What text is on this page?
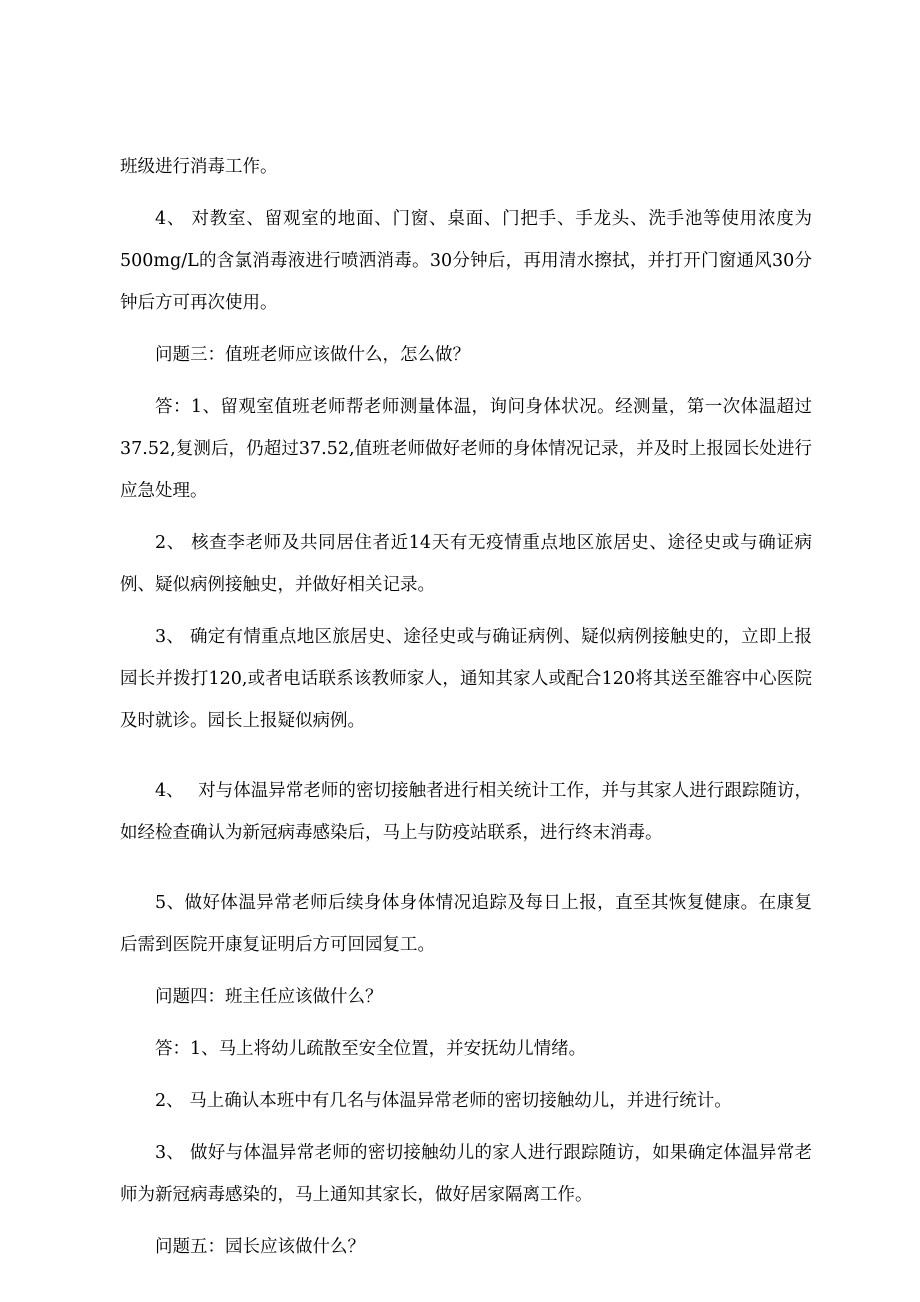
班级进行消毒工作。

4、 对教室、留观室的地面、门窗、桌面、门把手、手龙头、洗手池等使用浓度为500mg/L的含氯消毒液进行喷洒消毒。30分钟后，再用清水擦拭，并打开门窗通风30分钟后方可再次使用。

问题三：值班老师应该做什么，怎么做？

答：1、留观室值班老师帮老师测量体温，询问身体状况。经测量，第一次体温超过37.52,复测后，仍超过37.52,值班老师做好老师的身体情况记录，并及时上报园长处进行应急处理。

2、 核查李老师及共同居住者近14天有无疫情重点地区旅居史、途径史或与确证病例、疑似病例接触史，并做好相关记录。

3、 确定有情重点地区旅居史、途径史或与确证病例、疑似病例接触史的，立即上报园长并拨打120,或者电话联系该教师家人，通知其家人或配合120将其送至雒容中心医院及时就诊。园长上报疑似病例。

4、　 对与体温异常老师的密切接触者进行相关统计工作，并与其家人进行跟踪随访，如经检查确认为新冠病毒感染后，马上与防疫站联系，进行终末消毒。

5、做好体温异常老师后续身体身体情况追踪及每日上报，直至其恢复健康。在康复后需到医院开康复证明后方可回园复工。

问题四：班主任应该做什么？

答：1、马上将幼儿疏散至安全位置，并安抚幼儿情绪。

2、 马上确认本班中有几名与体温异常老师的密切接触幼儿，并进行统计。

3、 做好与体温异常老师的密切接触幼儿的家人进行跟踪随访，如果确定体温异常老师为新冠病毒感染的，马上通知其家长，做好居家隔离工作。

问题五：园长应该做什么？
